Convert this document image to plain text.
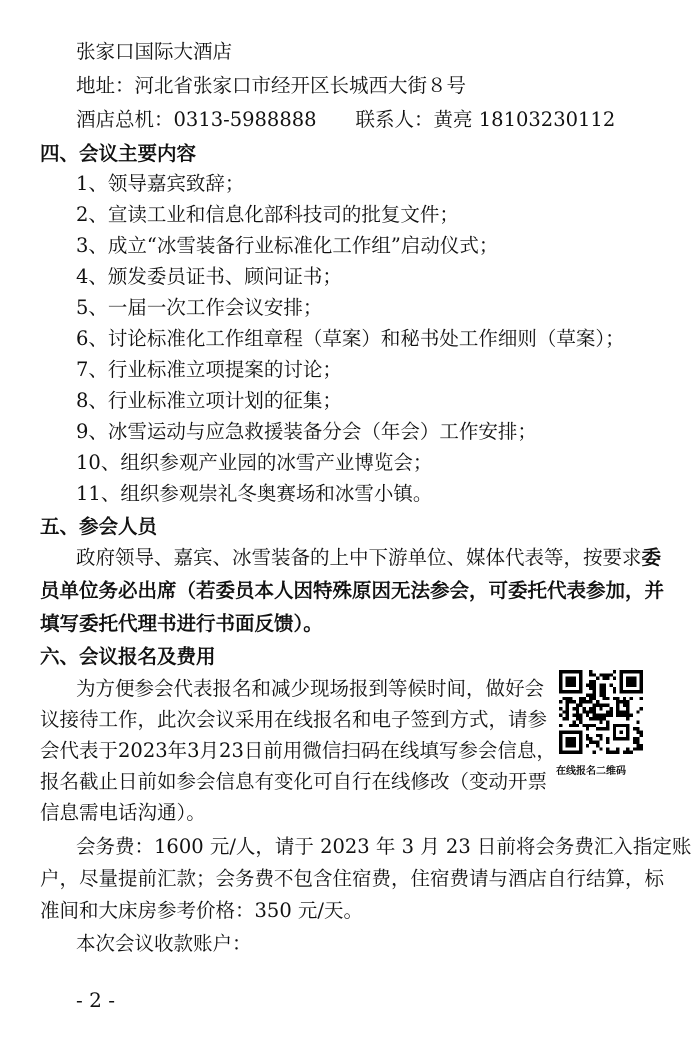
张家口国际大酒店
地址：河北省张家口市经开区长城西大街８号
酒店总机：0313-5988888　　联系人：黄亮 18103230112
四、会议主要内容
1、领导嘉宾致辞；
2、宣读工业和信息化部科技司的批复文件；
3、成立“冰雪装备行业标准化工作组”启动仪式；
4、颁发委员证书、顾问证书；
5、一届一次工作会议安排；
6、讨论标准化工作组章程（草案）和秘书处工作细则（草案）；
7、行业标准立项提案的讨论；
8、行业标准立项计划的征集；
9、冰雪运动与应急救援装备分会（年会）工作安排；
10、组织参观产业园的冰雪产业博览会；
11、组织参观崇礼冬奥赛场和冰雪小镇。
五、参会人员
政府领导、嘉宾、冰雪装备的上中下游单位、媒体代表等，按要求委
员单位务必出席（若委员本人因特殊原因无法参会，可委托代表参加，并
填写委托代理书进行书面反馈）。
六、会议报名及费用
为方便参会代表报名和减少现场报到等候时间，做好会
议接待工作，此次会议采用在线报名和电子签到方式，请参
会代表于2023年3月23日前用微信扫码在线填写参会信息，
报名截止日前如参会信息有变化可自行在线修改（变动开票
信息需电话沟通）。
在线报名二维码
会务费：1600 元/人，请于 2023 年 3 月 23 日前将会务费汇入指定账
户，尽量提前汇款；会务费不包含住宿费，住宿费请与酒店自行结算，标
准间和大床房参考价格：350 元/天。
本次会议收款账户：
- 2 -
